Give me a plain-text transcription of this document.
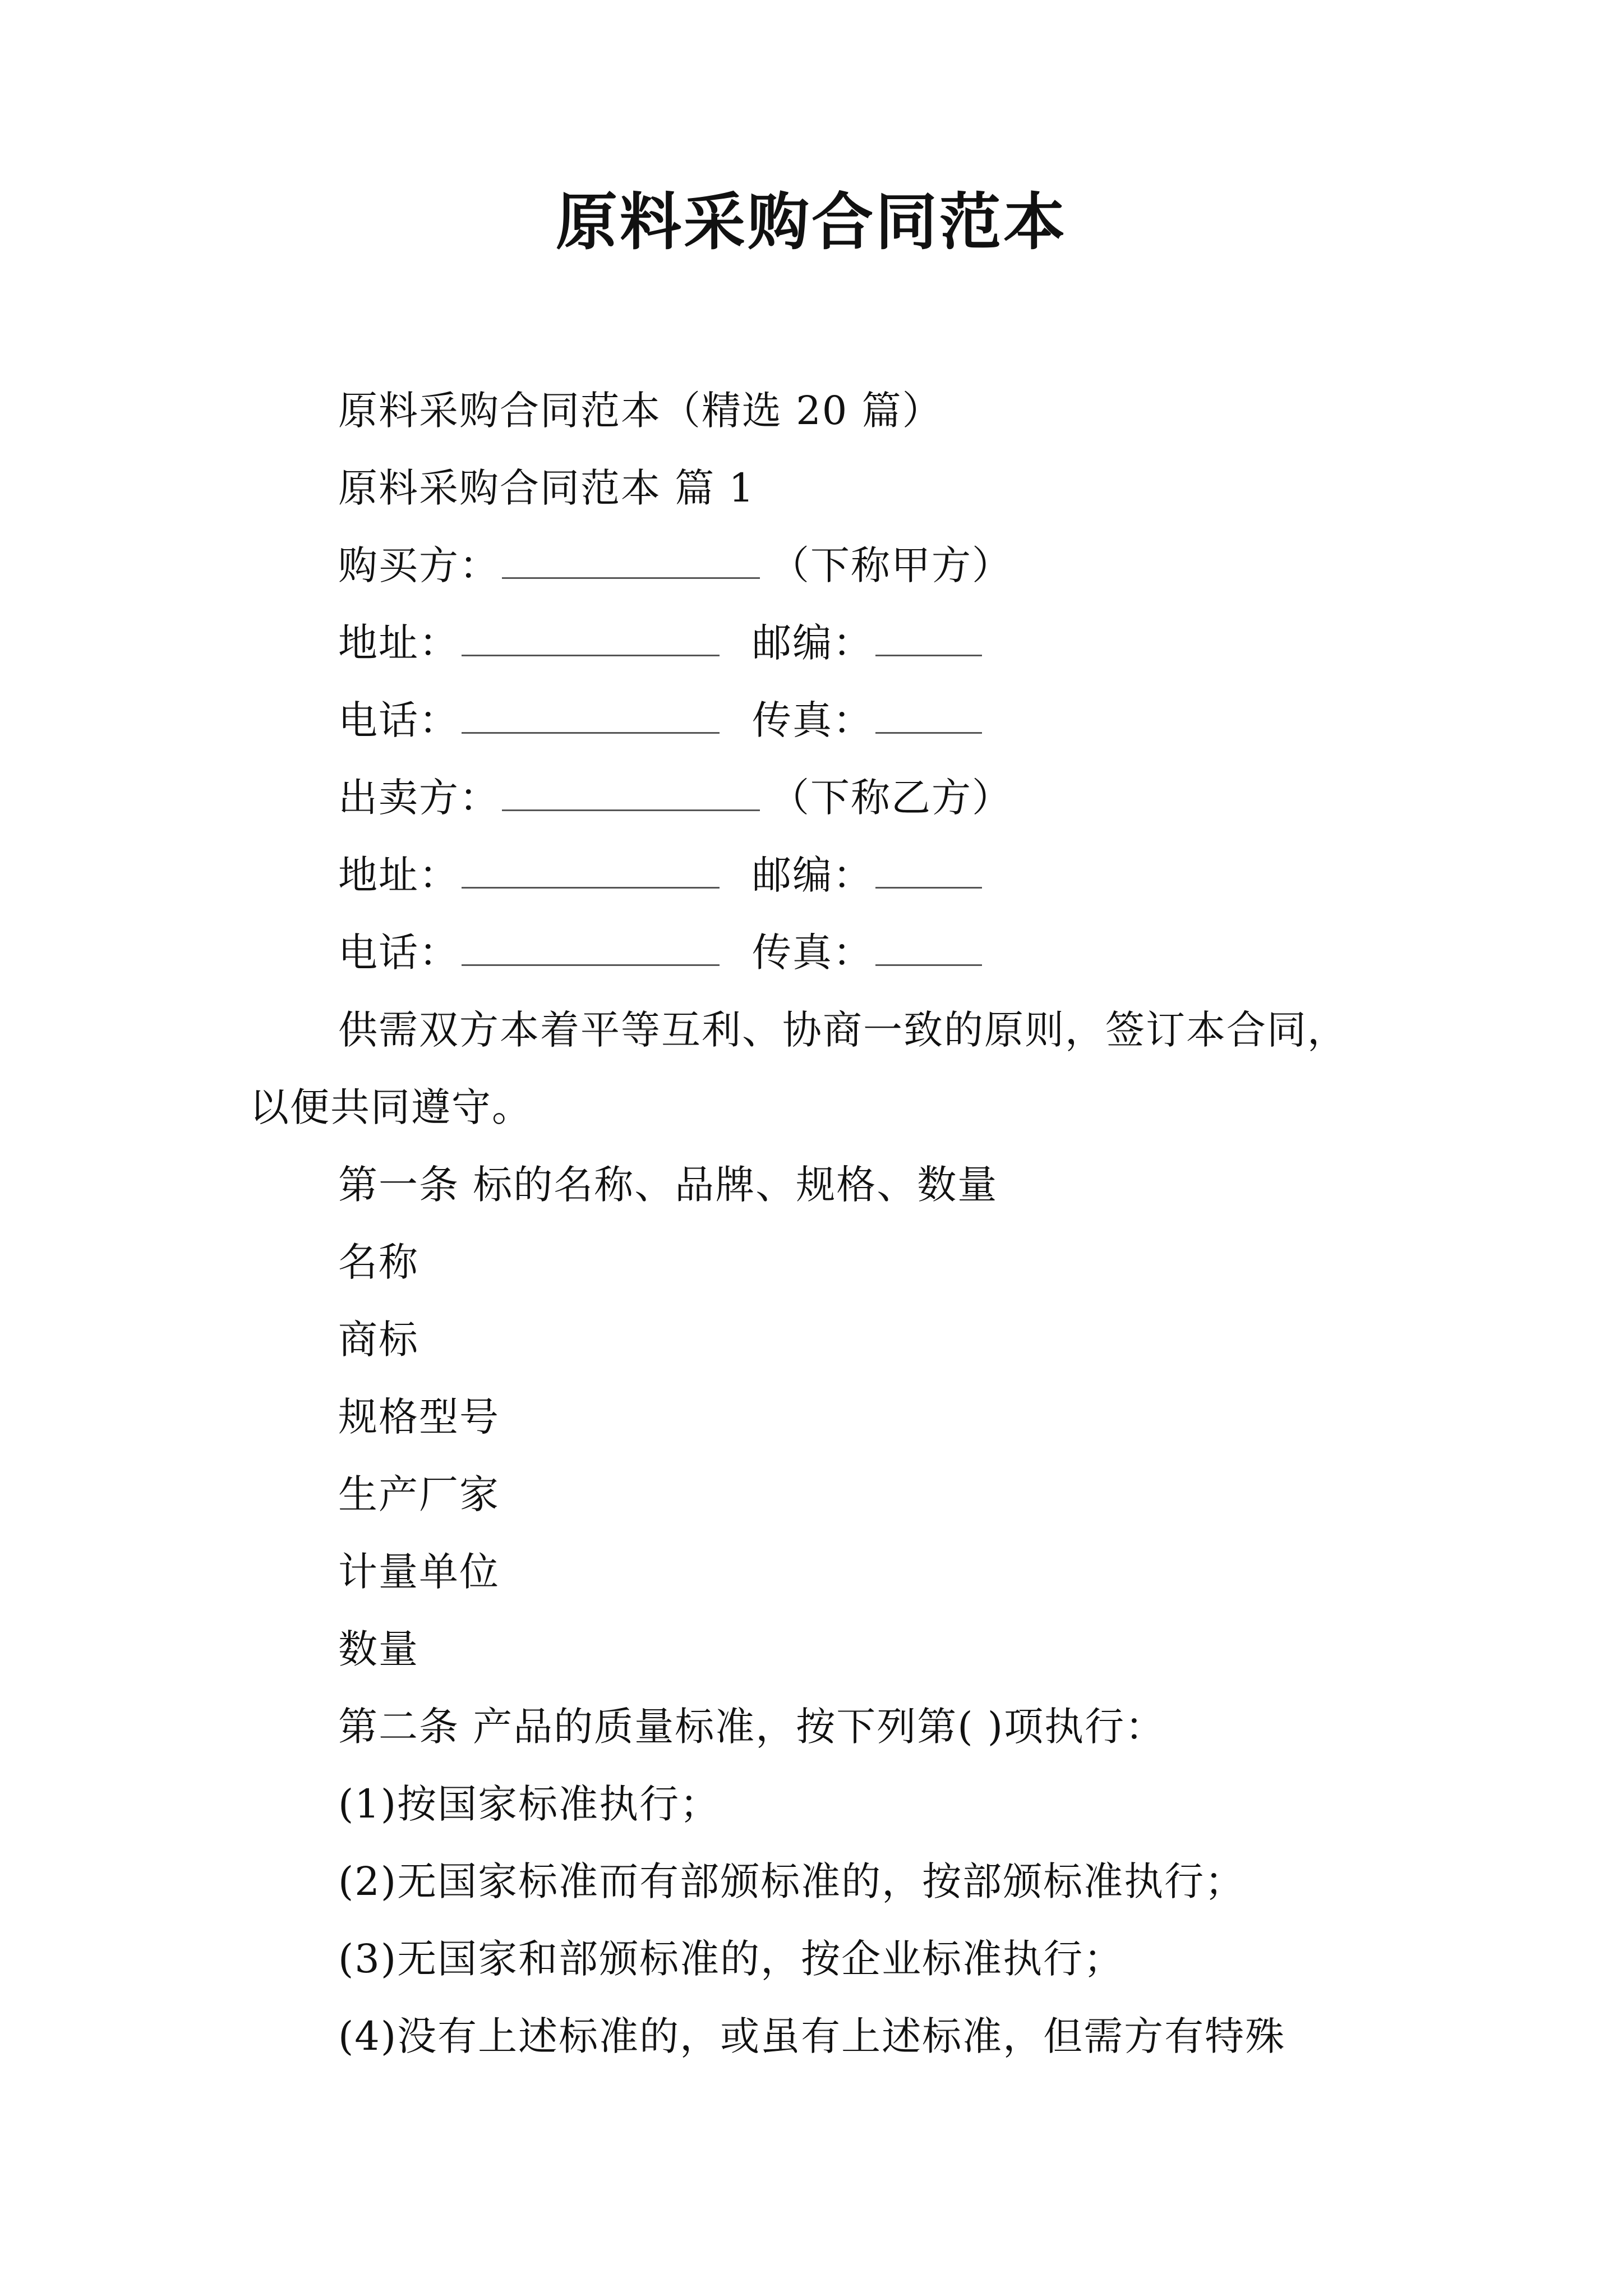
原料采购合同范本
原料采购合同范本（精选 20 篇）
原料采购合同范本 篇 1
购买方：	（下称甲方）
地址：	邮编：
电话：	传真：
出卖方：	（下称乙方）
地址：	邮编：
电话：	传真：
供需双方本着平等互利、协商一致的原则，签订本合同，
以便共同遵守。
第一条 标的名称、品牌、规格、数量
名称
商标
规格型号
生产厂家
计量单位
数量
第二条 产品的质量标准，按下列第( )项执行：
(1)按国家标准执行；
(2)无国家标准而有部颁标准的，按部颁标准执行；
(3)无国家和部颁标准的，按企业标准执行；
(4)没有上述标准的，或虽有上述标准，但需方有特殊
